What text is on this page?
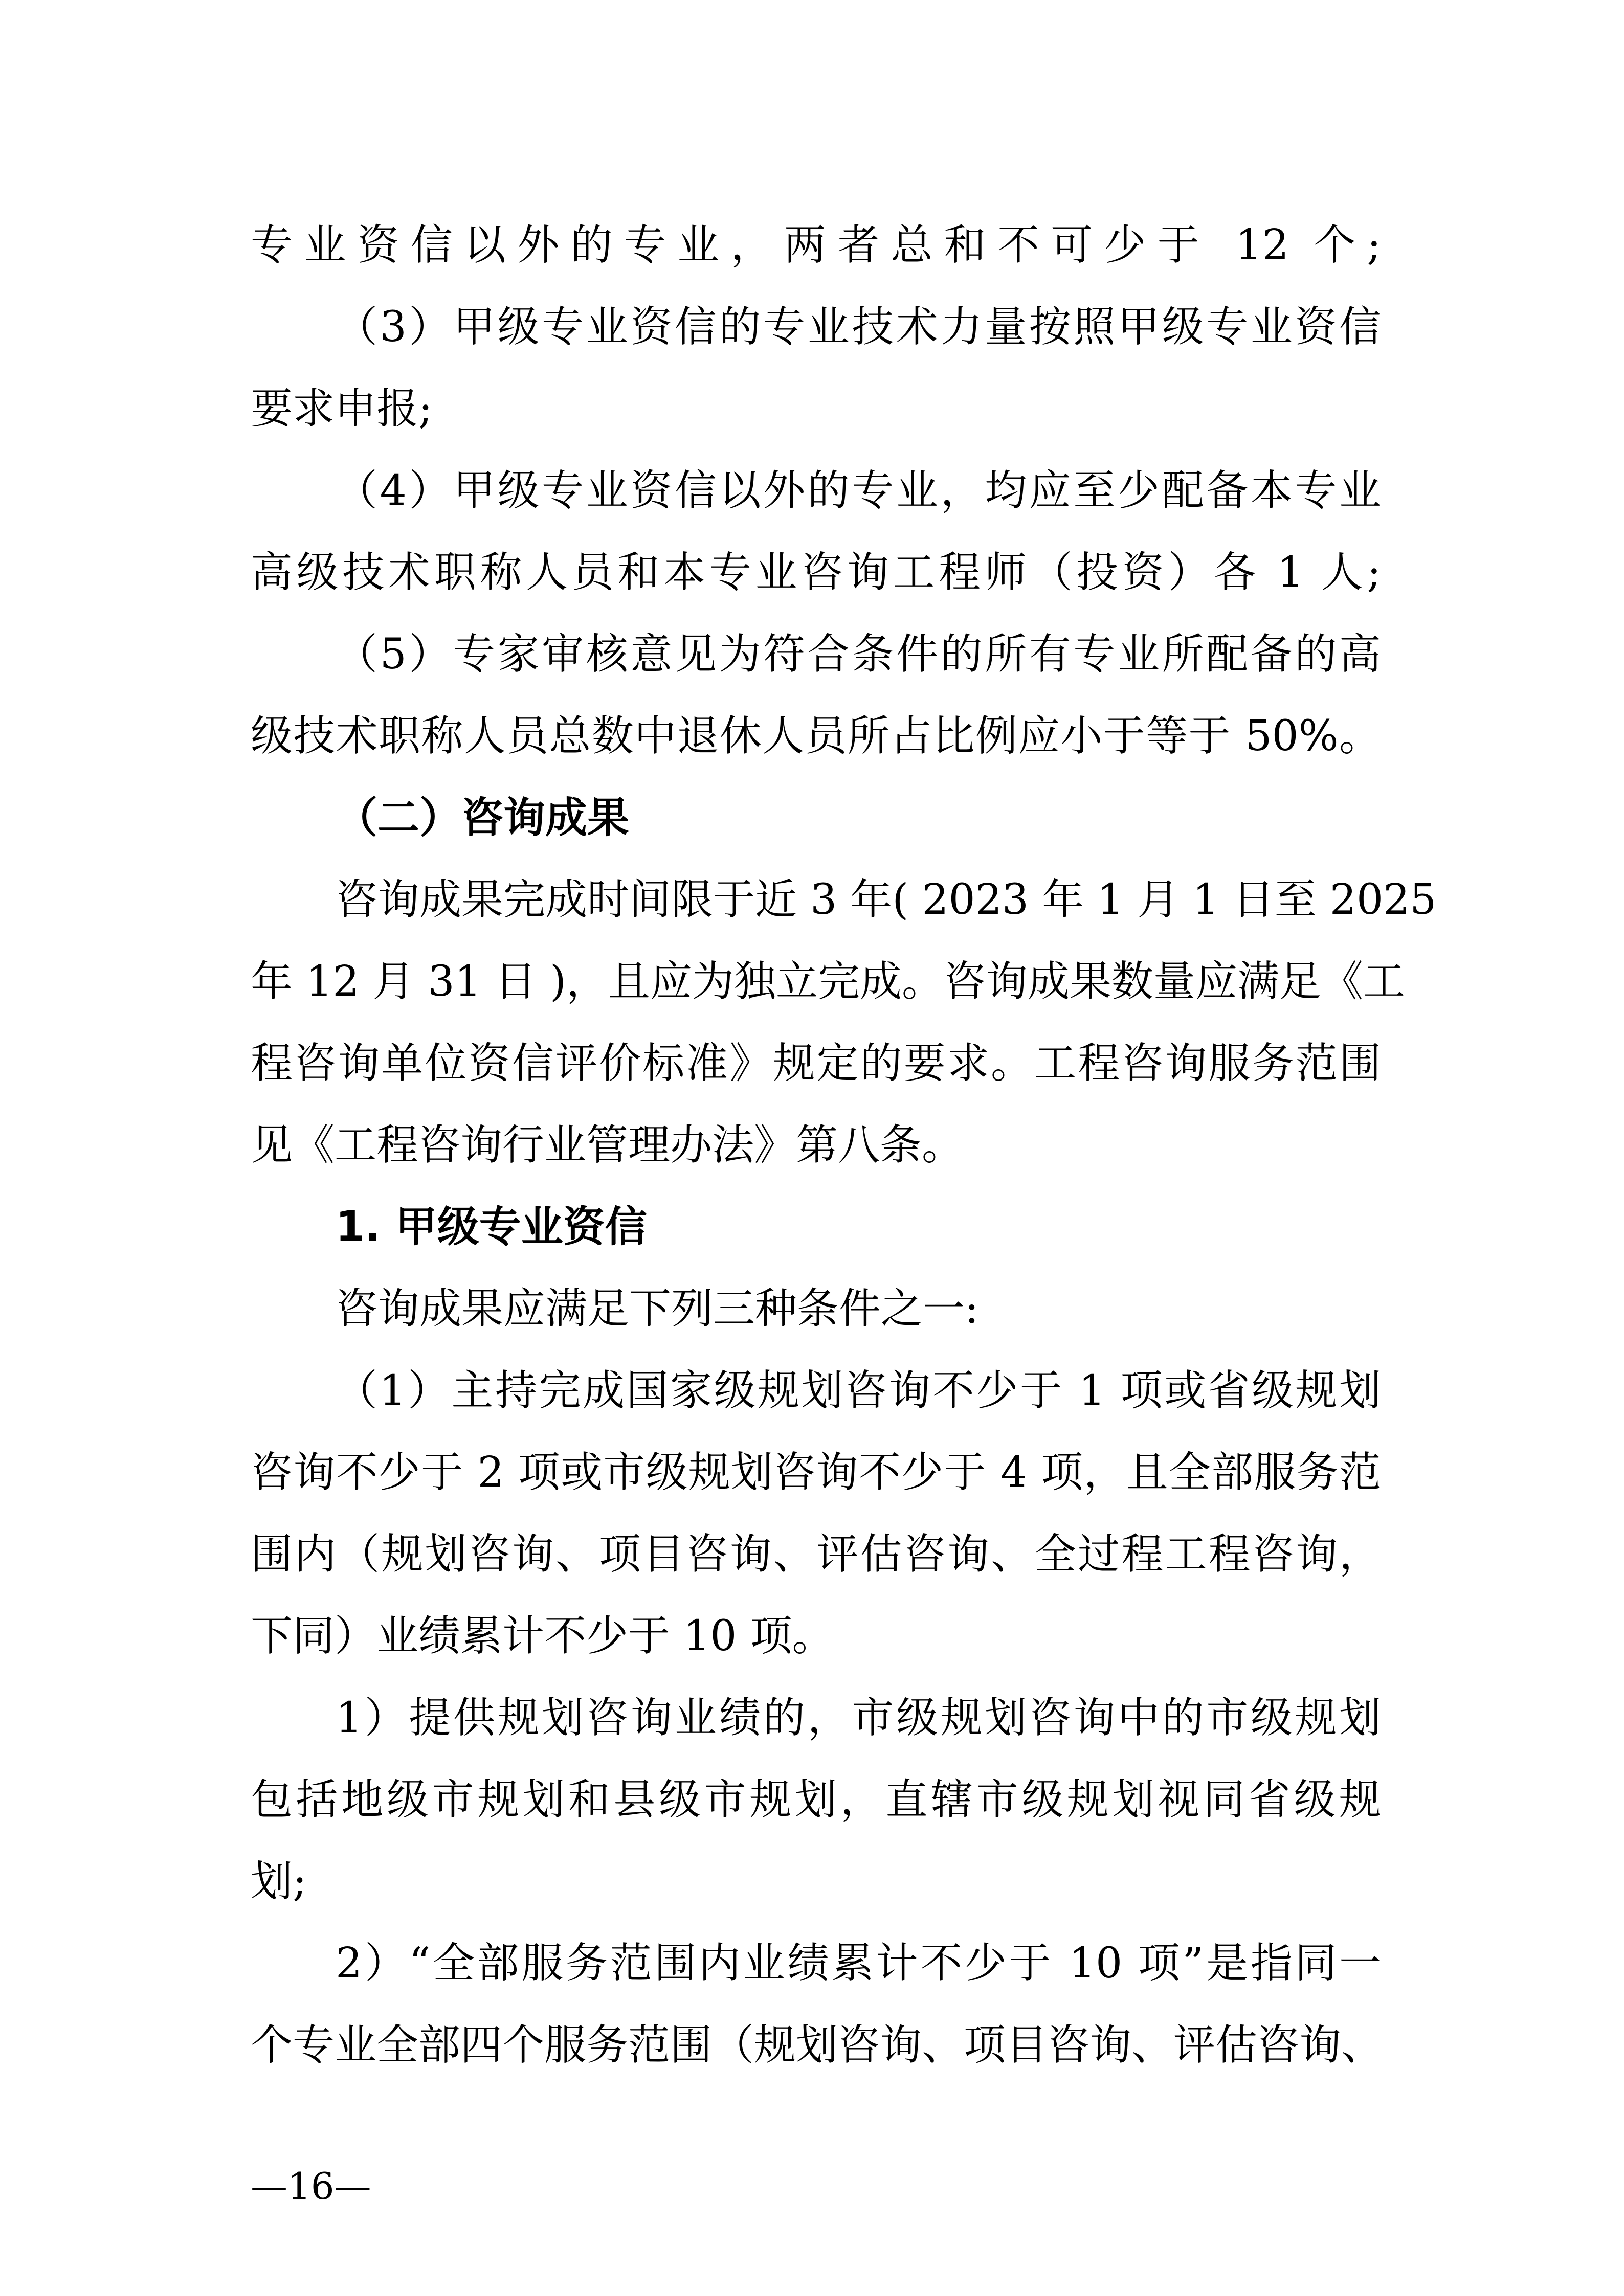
专业资信以外的专业，两者总和不可少于 12 个;
（3）甲级专业资信的专业技术力量按照甲级专业资信
要求申报;
（4）甲级专业资信以外的专业，均应至少配备本专业
高级技术职称人员和本专业咨询工程师（投资）各 1 人;
（5）专家审核意见为符合条件的所有专业所配备的高
级技术职称人员总数中退休人员所占比例应小于等于 50%。
（二）咨询成果
咨询成果完成时间限于近 3 年( 2023 年 1 月 1 日至 2025
年 12 月 31 日 )，且应为独立完成。咨询成果数量应满足《工
程咨询单位资信评价标准》规定的要求。工程咨询服务范围
见《工程咨询行业管理办法》第八条。
1. 甲级专业资信
咨询成果应满足下列三种条件之一:
（1）主持完成国家级规划咨询不少于 1 项或省级规划
咨询不少于 2 项或市级规划咨询不少于 4 项，且全部服务范
围内（规划咨询、项目咨询、评估咨询、全过程工程咨询，
下同）业绩累计不少于 10 项。
1）提供规划咨询业绩的，市级规划咨询中的市级规划
包括地级市规划和县级市规划，直辖市级规划视同省级规
划;
2）“全部服务范围内业绩累计不少于 10 项”是指同一
个专业全部四个服务范围（规划咨询、项目咨询、评估咨询、
—16—
